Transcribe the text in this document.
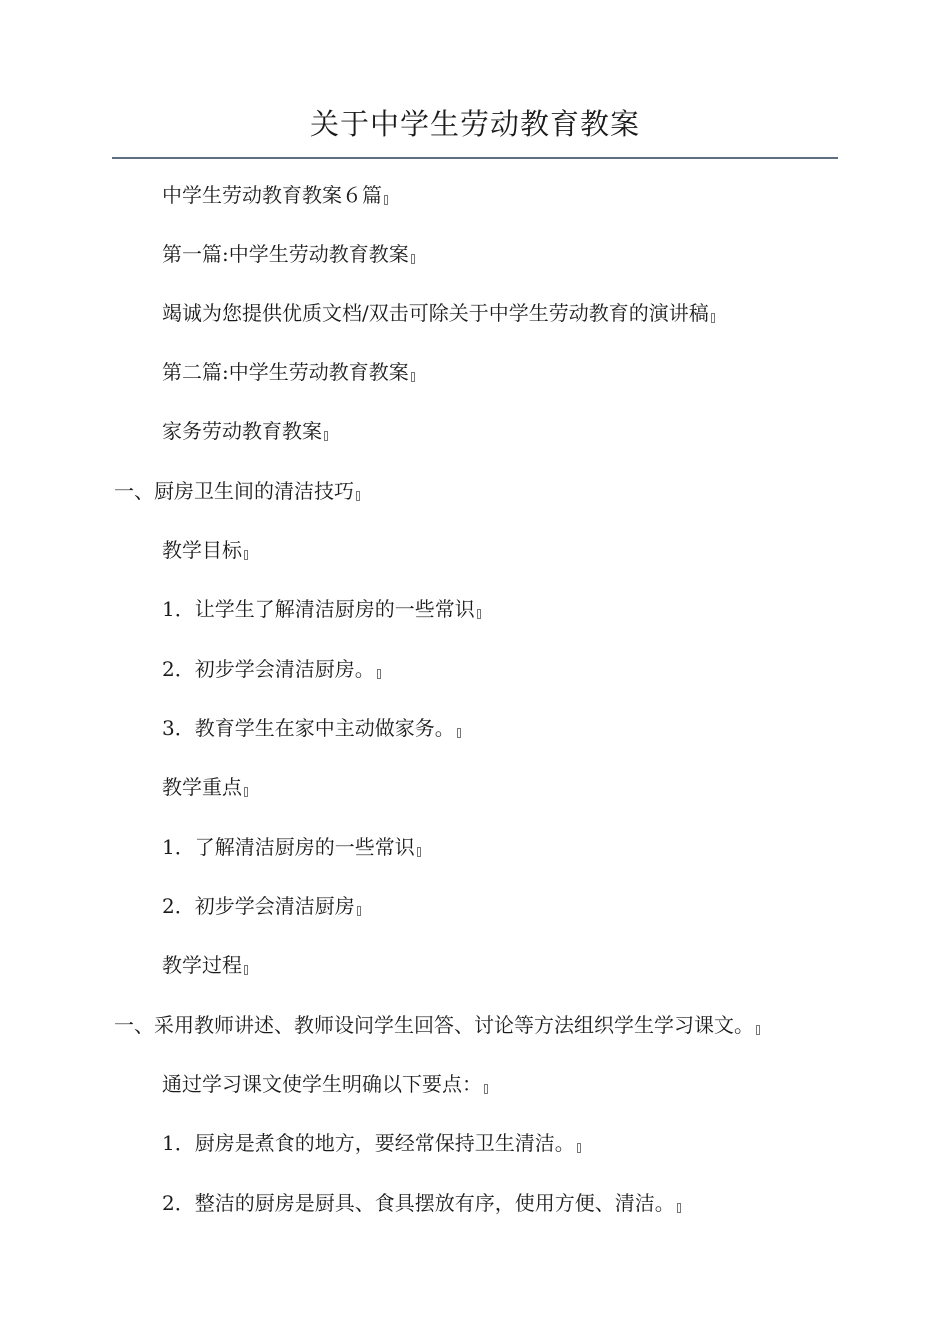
关于中学生劳动教育教案
中学生劳动教育教案６篇
第一篇:中学生劳动教育教案
竭诚为您提供优质文档/双击可除关于中学生劳动教育的演讲稿
第二篇:中学生劳动教育教案
家务劳动教育教案
一、厨房卫生间的清洁技巧
教学目标
1．让学生了解清洁厨房的一些常识
2．初步学会清洁厨房。
3．教育学生在家中主动做家务。
教学重点
1．了解清洁厨房的一些常识
2．初步学会清洁厨房
教学过程
一、采用教师讲述、教师设问学生回答、讨论等方法组织学生学习课文。
通过学习课文使学生明确以下要点：
1．厨房是煮食的地方，要经常保持卫生清洁。
2．整洁的厨房是厨具、食具摆放有序，使用方便、清洁。
